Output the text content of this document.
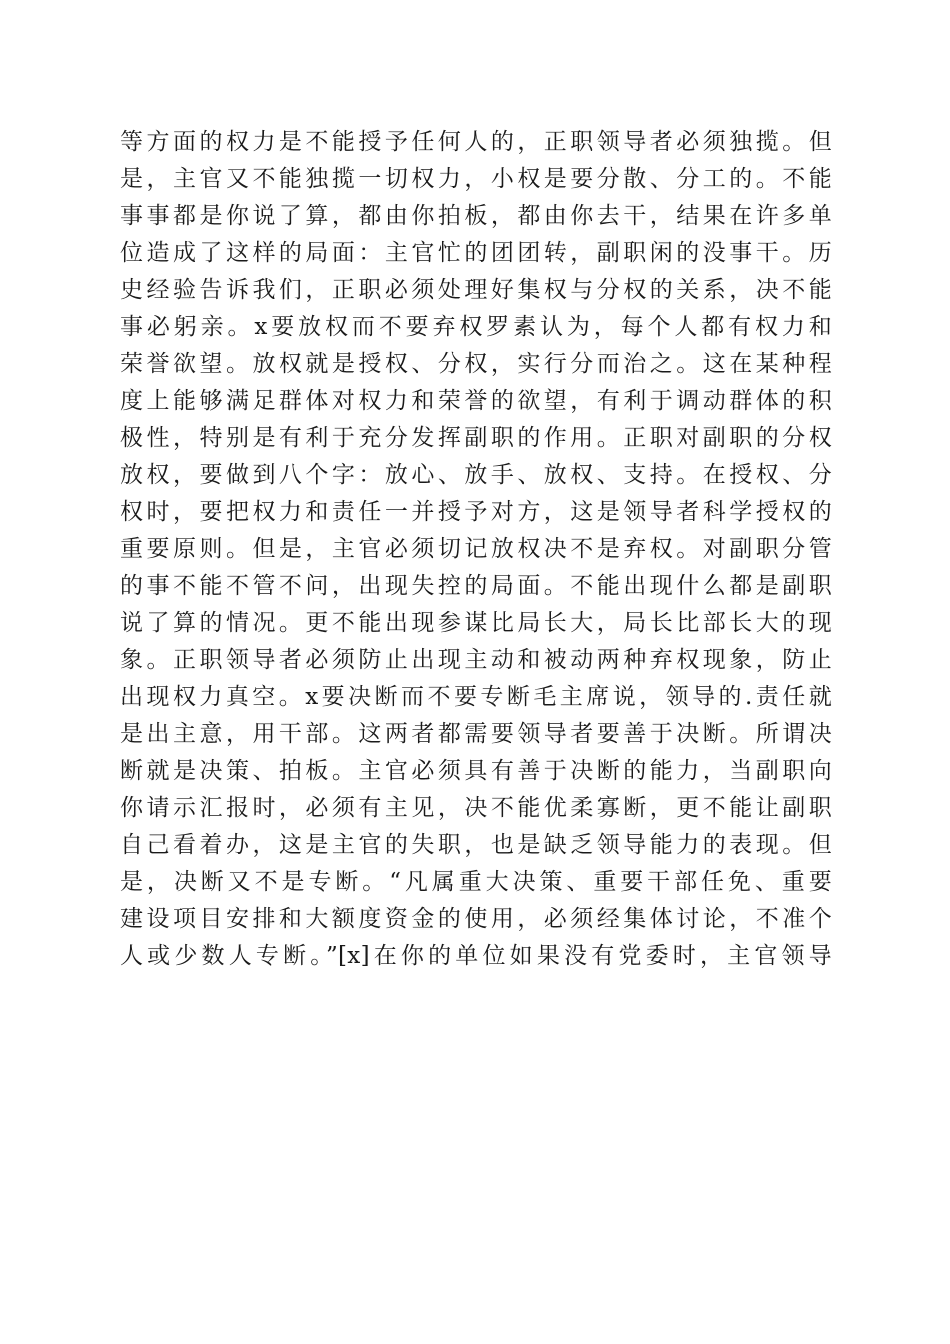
等方面的权力是不能授予任何人的，正职领导者必须独揽。但
是，主官又不能独揽一切权力，小权是要分散、分工的。不能
事事都是你说了算，都由你拍板，都由你去干，结果在许多单
位造成了这样的局面：主官忙的团团转，副职闲的没事干。历
史经验告诉我们，正职必须处理好集权与分权的关系，决不能
事必躬亲。x要放权而不要弃权罗素认为，每个人都有权力和
荣誉欲望。放权就是授权、分权，实行分而治之。这在某种程
度上能够满足群体对权力和荣誉的欲望，有利于调动群体的积
极性，特别是有利于充分发挥副职的作用。正职对副职的分权
放权，要做到八个字：放心、放手、放权、支持。在授权、分
权时，要把权力和责任一并授予对方，这是领导者科学授权的
重要原则。但是，主官必须切记放权决不是弃权。对副职分管
的事不能不管不问，出现失控的局面。不能出现什么都是副职
说了算的情况。更不能出现参谋比局长大，局长比部长大的现
象。正职领导者必须防止出现主动和被动两种弃权现象，防止
出现权力真空。x要决断而不要专断毛主席说，领导的.责任就
是出主意，用干部。这两者都需要领导者要善于决断。所谓决
断就是决策、拍板。主官必须具有善于决断的能力，当副职向
你请示汇报时，必须有主见，决不能优柔寡断，更不能让副职
自己看着办，这是主官的失职，也是缺乏领导能力的表现。但
是，决断又不是专断。“凡属重大决策、重要干部任免、重要
建设项目安排和大额度资金的使用，必须经集体讨论，不准个
人或少数人专断。”[x]在你的单位如果没有党委时，主官领导
